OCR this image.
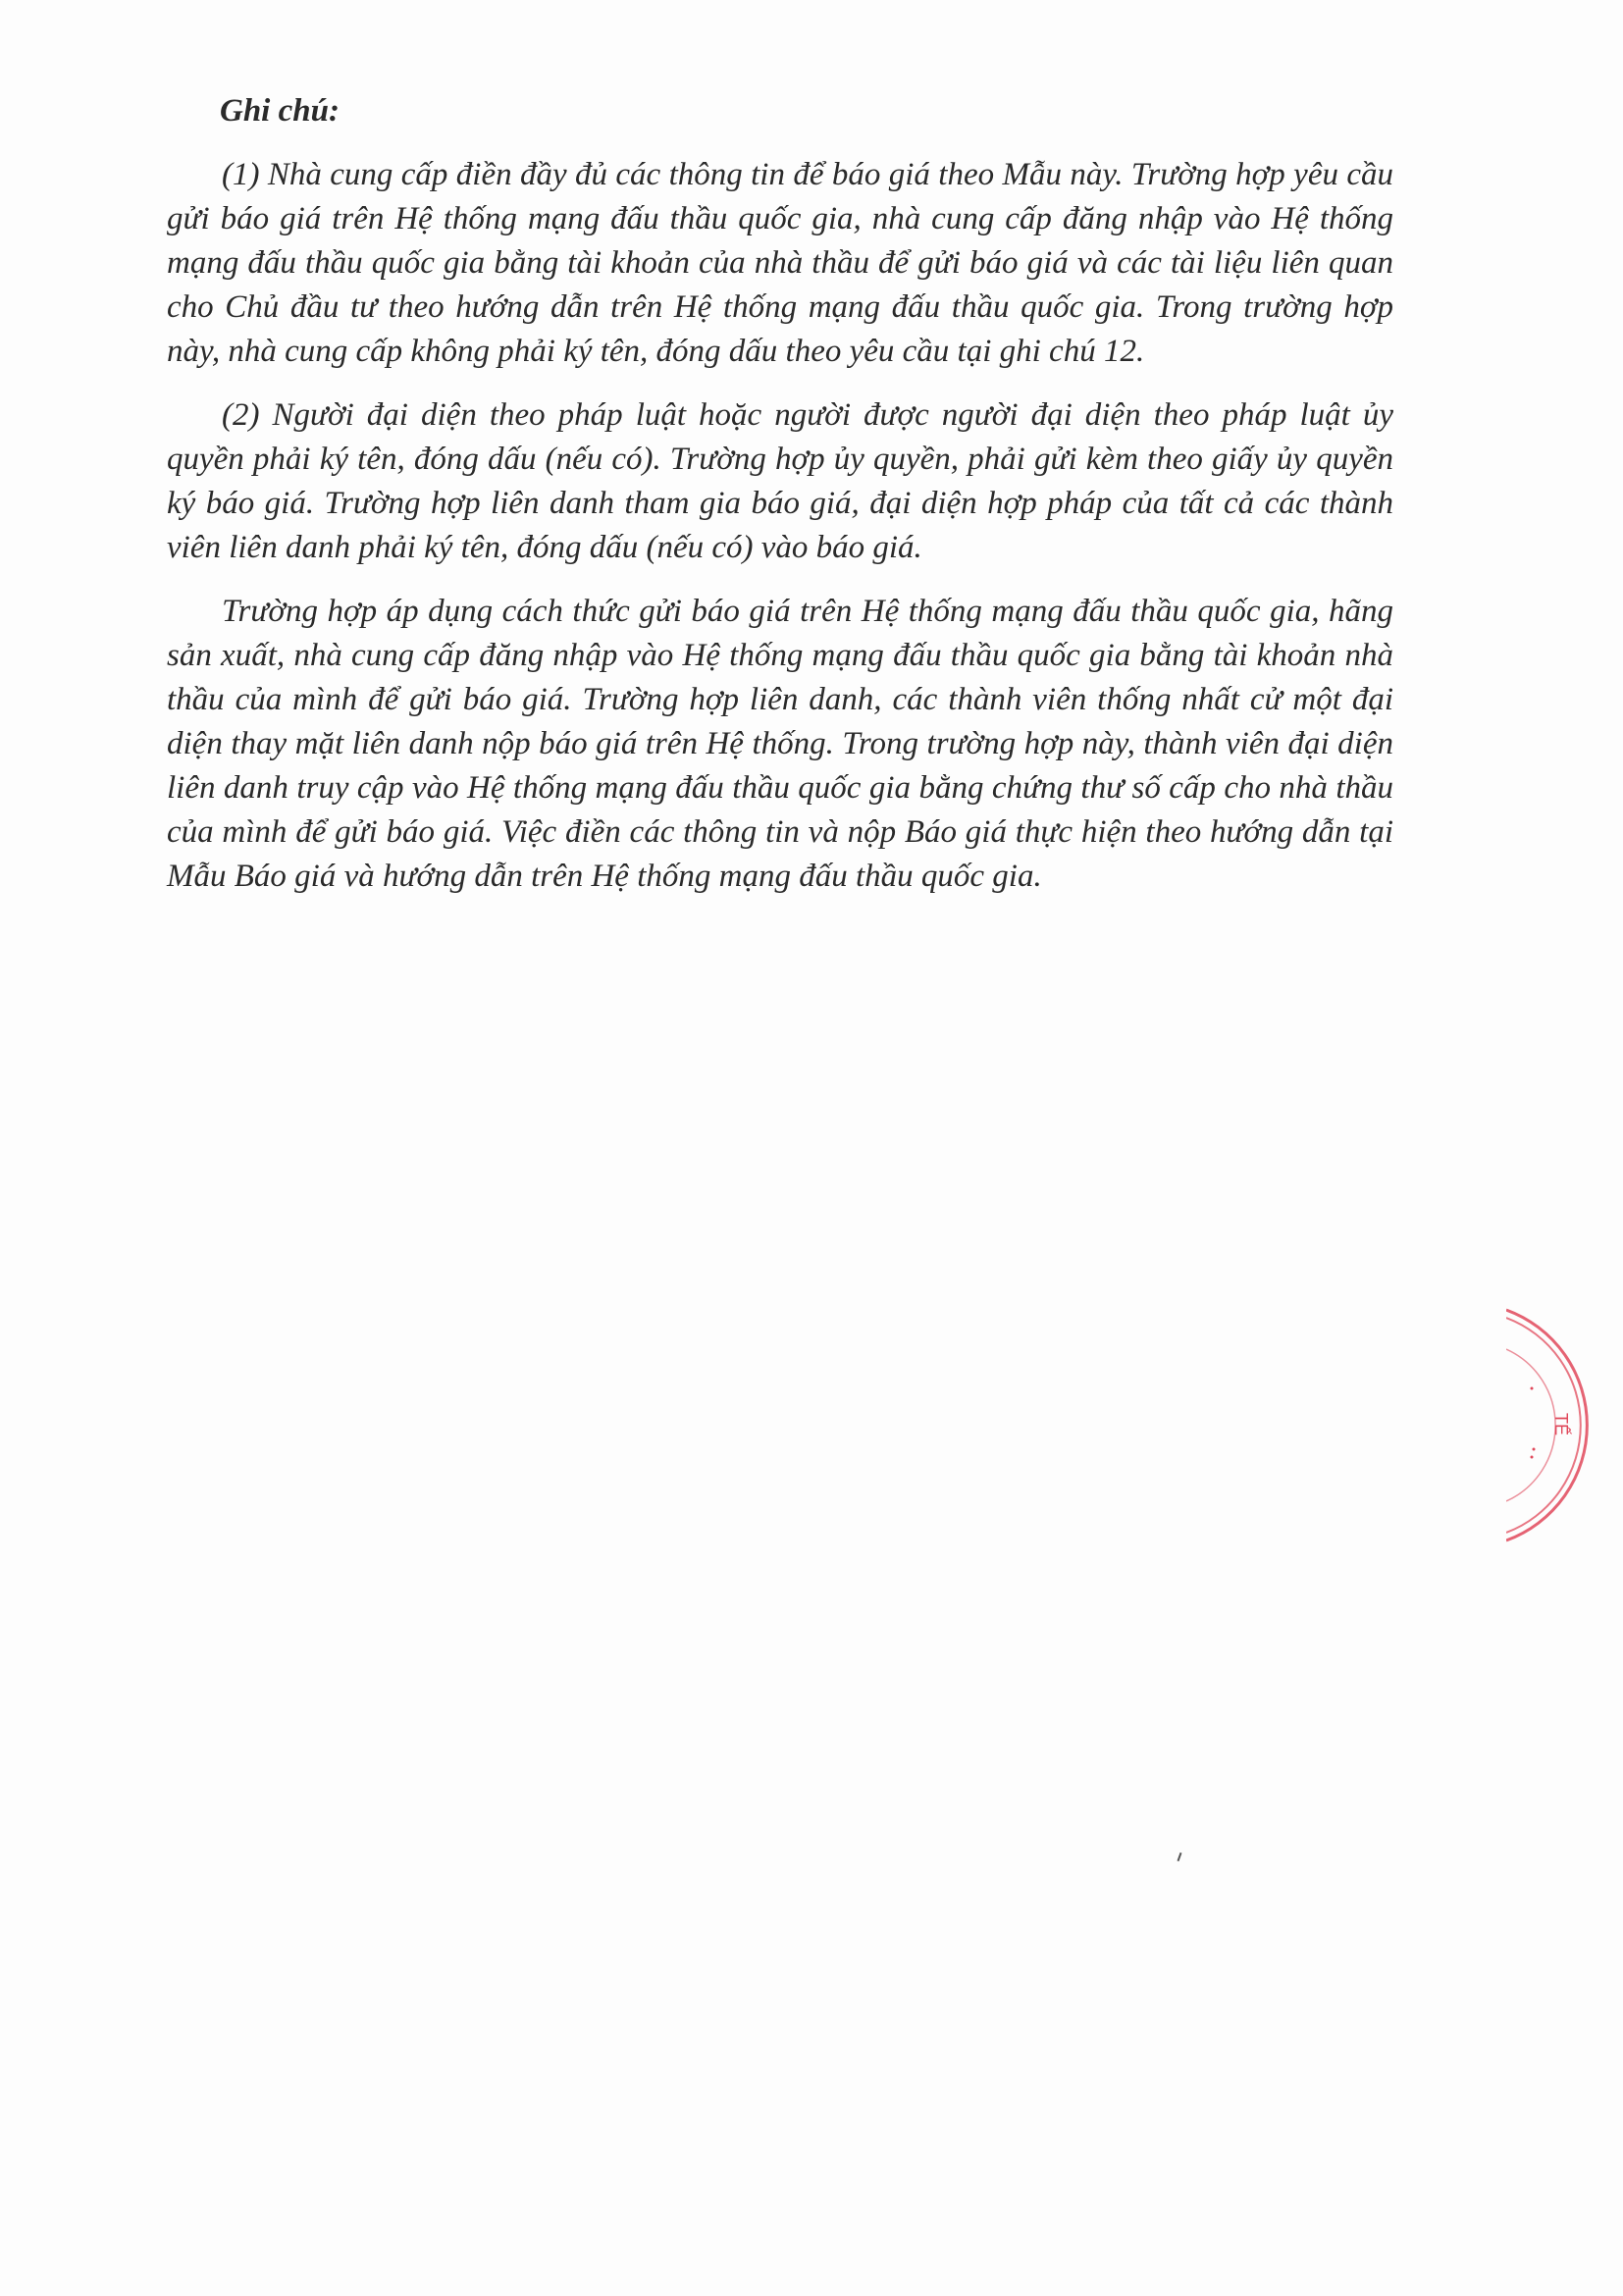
Ghi chú:

(1) Nhà cung cấp điền đầy đủ các thông tin để báo giá theo Mẫu này. Trường hợp yêu cầu gửi báo giá trên Hệ thống mạng đấu thầu quốc gia, nhà cung cấp đăng nhập vào Hệ thống mạng đấu thầu quốc gia bằng tài khoản của nhà thầu để gửi báo giá và các tài liệu liên quan cho Chủ đầu tư theo hướng dẫn trên Hệ thống mạng đấu thầu quốc gia. Trong trường hợp này, nhà cung cấp không phải ký tên, đóng dấu theo yêu cầu tại ghi chú 12.

(2) Người đại diện theo pháp luật hoặc người được người đại diện theo pháp luật ủy quyền phải ký tên, đóng dấu (nếu có). Trường hợp ủy quyền, phải gửi kèm theo giấy ủy quyền ký báo giá. Trường hợp liên danh tham gia báo giá, đại diện hợp pháp của tất cả các thành viên liên danh phải ký tên, đóng dấu (nếu có) vào báo giá.

Trường hợp áp dụng cách thức gửi báo giá trên Hệ thống mạng đấu thầu quốc gia, hãng sản xuất, nhà cung cấp đăng nhập vào Hệ thống mạng đấu thầu quốc gia bằng tài khoản nhà thầu của mình để gửi báo giá. Trường hợp liên danh, các thành viên thống nhất cử một đại diện thay mặt liên danh nộp báo giá trên Hệ thống. Trong trường hợp này, thành viên đại diện liên danh truy cập vào Hệ thống mạng đấu thầu quốc gia bằng chứng thư số cấp cho nhà thầu của mình để gửi báo giá. Việc điền các thông tin và nộp Báo giá thực hiện theo hướng dẫn tại Mẫu Báo giá và hướng dẫn trên Hệ thống mạng đấu thầu quốc gia.

TẾ
